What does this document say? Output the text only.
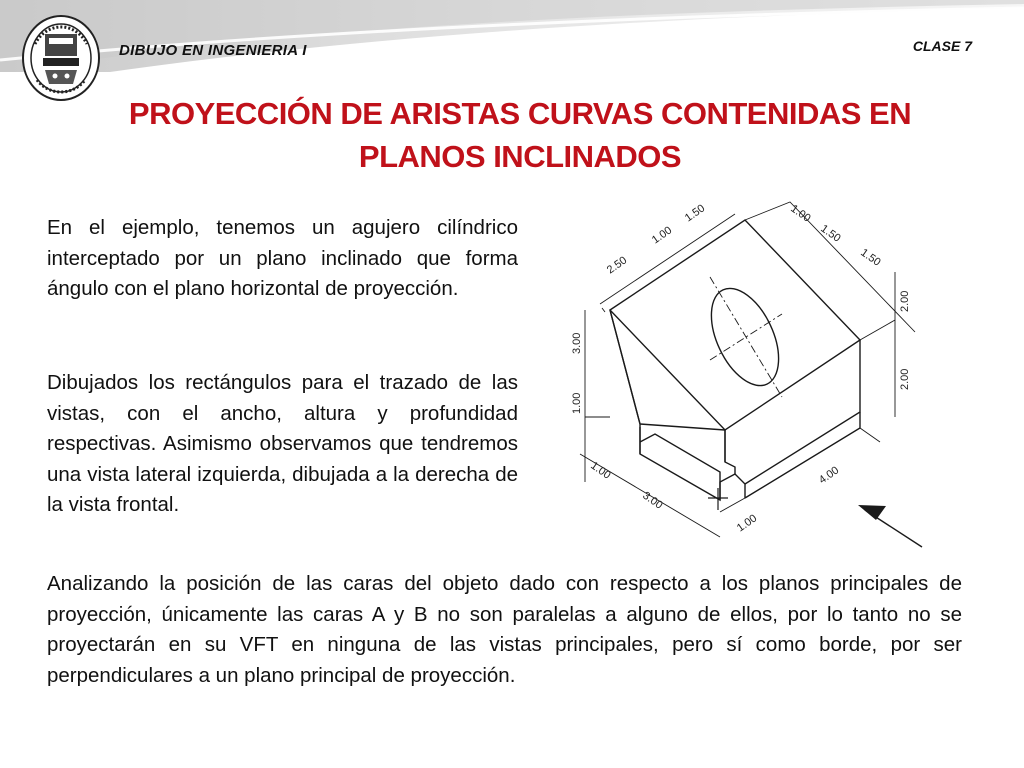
DIBUJO EN INGENIERIA I	CLASE 7
PROYECCIÓN DE ARISTAS CURVAS CONTENIDAS EN
PLANOS INCLINADOS
En el ejemplo, tenemos un agujero cilíndrico interceptado por un plano inclinado que forma ángulo con el plano horizontal de proyección.
Dibujados los rectángulos para el trazado de las vistas, con el ancho, altura y profundidad respectivas. Asimismo observamos que tendremos una vista lateral izquierda, dibujada a la derecha de la vista frontal.
1.50
1.00
2.50
3.00
1.00
1.00
1.50
1.50
2.00
2.00
1.00
3.00
1.00
4.00
Analizando la posición de las caras del objeto dado con respecto a los planos principales de proyección, únicamente las caras A y B no son paralelas a alguno de ellos, por lo tanto no se proyectarán en su VFT en ninguna de las vistas principales, pero sí como borde, por ser perpendiculares a un plano principal de proyección.
